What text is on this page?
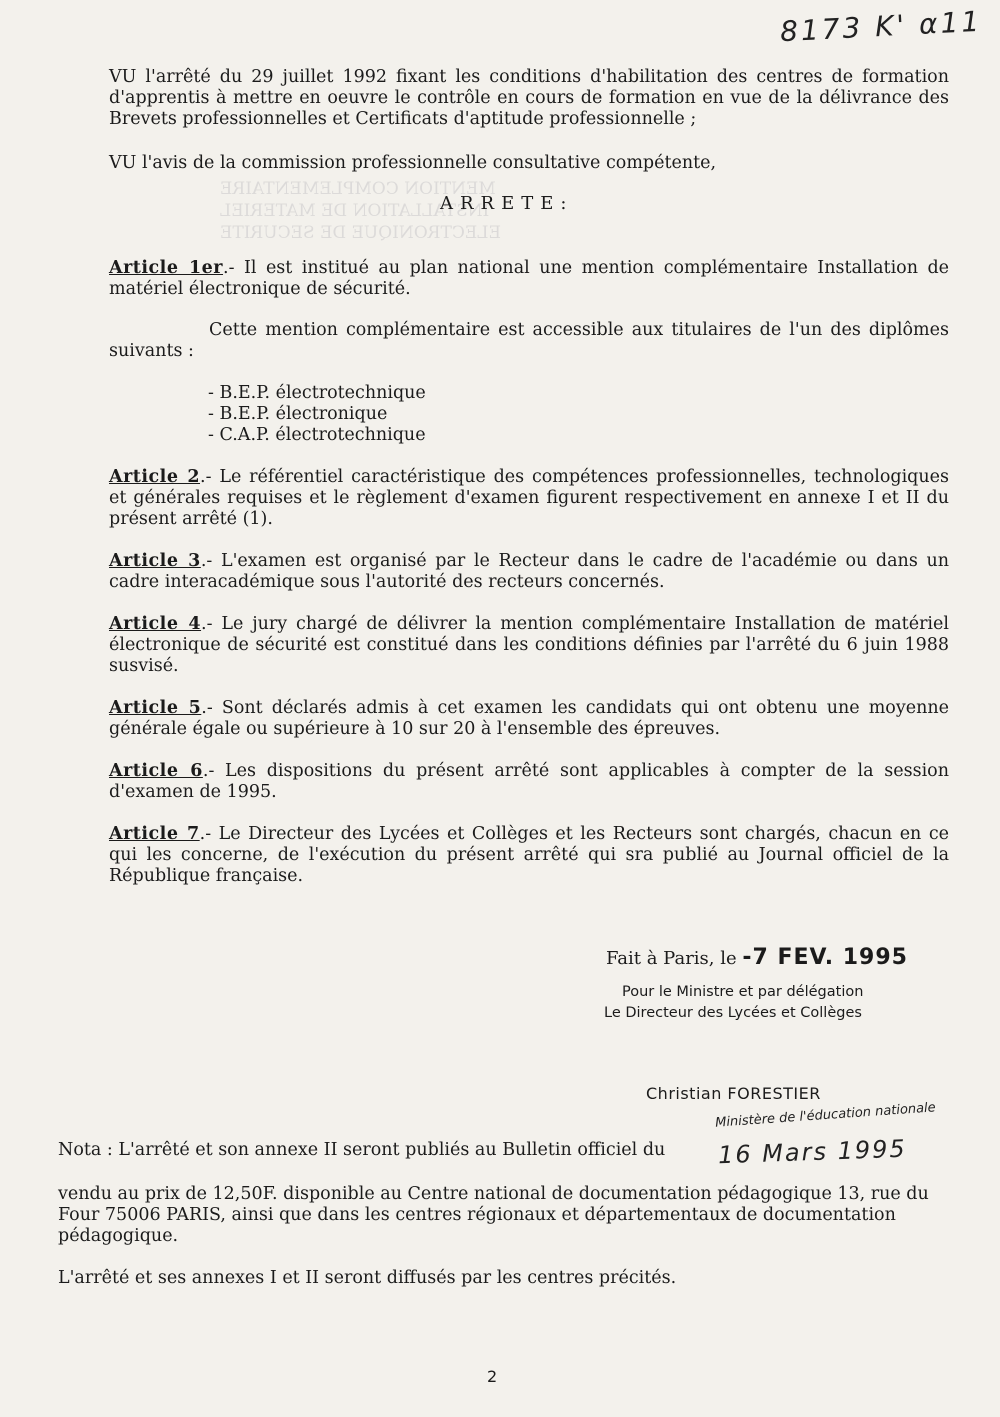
MENTION COMPLEMENTAIRE
INSTALLATION DE MATERIEL
ELECTRONIQUE DE SECURITE
8173 K' α11
VU l'arrêté du 29 juillet 1992 fixant les conditions d'habilitation des centres de formation d'apprentis à mettre en oeuvre le contrôle en cours de formation en vue de la délivrance des Brevets professionnelles et Certificats d'aptitude professionnelle ;
VU l'avis de la commission professionnelle consultative compétente,
ARRETE:
Article 1er.- Il est institué au plan national une mention complémentaire Installation de matériel électronique de sécurité.
Cette mention complémentaire est accessible aux titulaires de l'un des diplômes suivants :
- B.E.P. électrotechnique
- B.E.P. électronique
- C.A.P. électrotechnique
Article 2.- Le référentiel caractéristique des compétences professionnelles, technologiques et générales requises et le règlement d'examen figurent respectivement en annexe I et II du présent arrêté (1).
Article 3.- L'examen est organisé par le Recteur dans le cadre de l'académie ou dans un cadre interacadémique sous l'autorité des recteurs concernés.
Article 4.- Le jury chargé de délivrer la mention complémentaire Installation de matériel électronique de sécurité est constitué dans les conditions définies par l'arrêté du 6 juin 1988 susvisé.
Article 5.- Sont déclarés admis à cet examen les candidats qui ont obtenu une moyenne générale égale ou supérieure à 10 sur 20 à l'ensemble des épreuves.
Article 6.- Les dispositions du présent arrêté sont applicables à compter de la session d'examen de 1995.
Article 7.- Le Directeur des Lycées et Collèges et les Recteurs sont chargés, chacun en ce qui les concerne, de l'exécution du présent arrêté qui sra publié au Journal officiel de la République française.
Fait à Paris, le -7 FEV. 1995
Pour le Ministre et par délégation
Le Directeur des Lycées et Collèges
Christian FORESTIER
Ministère de l'éducation nationale
Nota : L'arrêté et son annexe II seront publiés au Bulletin officiel du 16 Mars 1995
vendu au prix de 12,50F. disponible au Centre national de documentation pédagogique 13, rue du Four 75006 PARIS, ainsi que dans les centres régionaux et départementaux de documentation pédagogique.
L'arrêté et ses annexes I et II seront diffusés par les centres précités.
2
